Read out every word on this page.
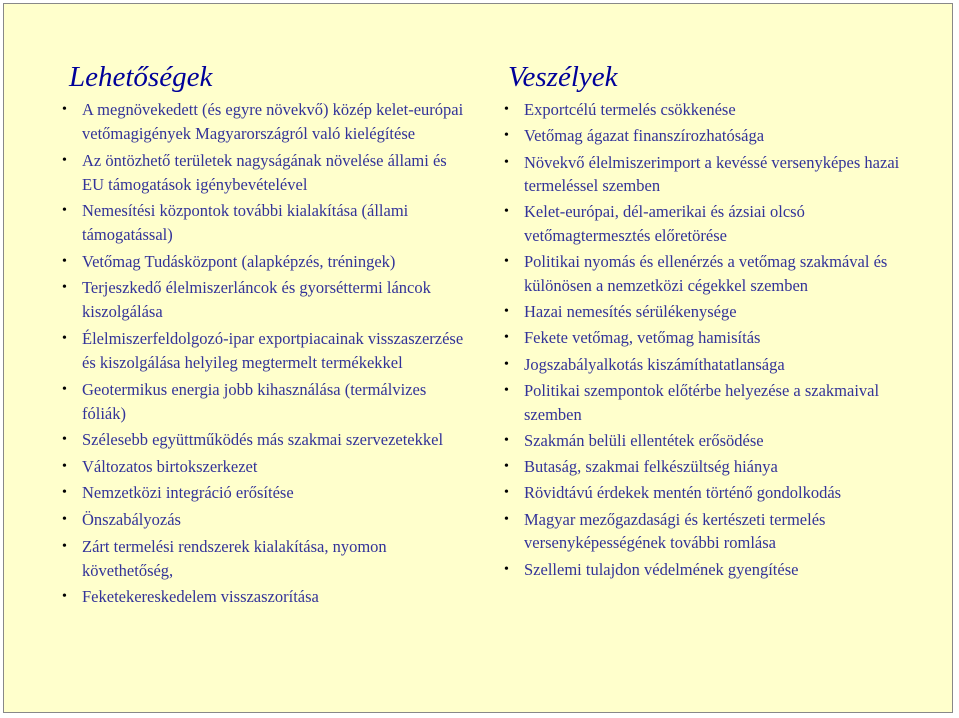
Lehetőségek
• A megnövekedett (és egyre növekvő) közép kelet-európai vetőmagigények Magyarországról való kielégítése
• Az öntözhető területek nagyságának növelése állami és EU támogatások igénybevételével
• Nemesítési központok további kialakítása (állami támogatással)
• Vetőmag Tudásközpont (alapképzés, tréningek)
• Terjeszkedő élelmiszerláncok és gyorséttermi láncok kiszolgálása
• Élelmiszerfeldolgozó-ipar exportpiacainak visszaszerzése és kiszolgálása helyileg megtermelt termékekkel
• Geotermikus energia jobb kihasználása (termálvizes fóliák)
• Szélesebb együttműködés más szakmai szervezetekkel
• Változatos birtokszerkezet
• Nemzetközi integráció erősítése
• Önszabályozás
• Zárt termelési rendszerek kialakítása, nyomon követhetőség,
• Feketekereskedelem visszaszorítása
Veszélyek
• Exportcélú termelés csökkenése
• Vetőmag ágazat finanszírozhatósága
• Növekvő élelmiszerimport a kevéssé versenyképes hazai termeléssel szemben
• Kelet-európai, dél-amerikai és ázsiai olcsó vetőmagtermesztés előretörése
• Politikai nyomás és ellenérzés a vetőmag szakmával és különösen a nemzetközi cégekkel szemben
• Hazai nemesítés sérülékenysége
• Fekete vetőmag, vetőmag hamisítás
• Jogszabályalkotás kiszámíthatatlansága
• Politikai szempontok előtérbe helyezése a szakmaival szemben
• Szakmán belüli ellentétek erősödése
• Butaság, szakmai felkészültség hiánya
• Rövidtávú érdekek mentén történő gondolkodás
• Magyar mezőgazdasági és kertészeti termelés versenyképességének további romlása
• Szellemi tulajdon védelmének gyengítése
